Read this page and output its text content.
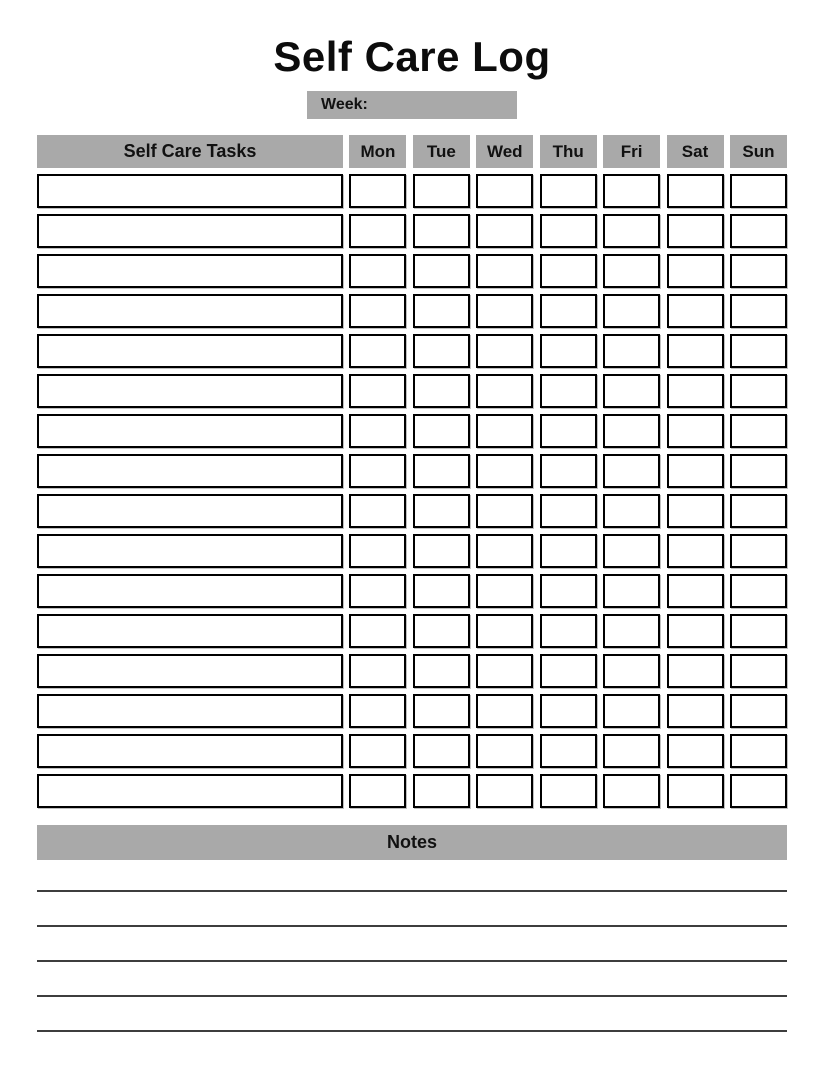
Self Care Log
Week:
Self Care Tasks	Mon	Tue	Wed	Thu	Fri	Sat	Sun
Notes
